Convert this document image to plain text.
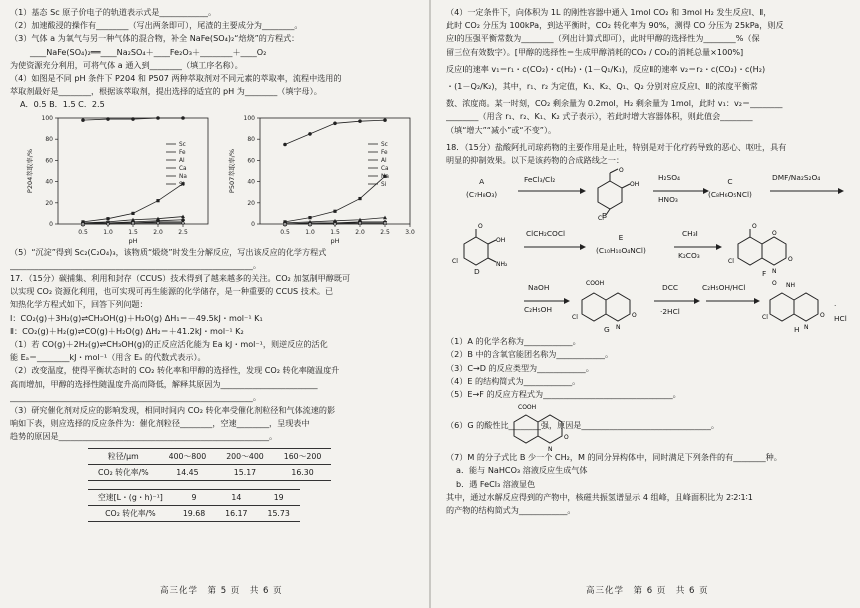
（1）基态 Sc 原子价电子的轨道表示式是____________。
（2）加速酸浸的操作有________（写出两条即可），尾渣的主要成分为________。
（3）气体 a 为氧气与另一种气体的混合物，补全 NaFe(SO₄)₂“焙烧”的方程式：
____NaFe(SO₄)₂══____Na₂SO₄＋____Fe₂O₃＋________＋____O₂
为使资源充分利用，可将气体 a 通入到________（填工序名称）。
（4）如图是不同 pH 条件下 P204 和 P507 两种萃取剂对不同元素的萃取率，流程中选用的
萃取剂最好是________，根据该萃取剂，提出选择的适宜的 pH 为________（填字母）。
A．0.5 B．1.5 C．2.5
0
20
40
60
80
100
0.5	1.0	1.5	2.0	2.5
pH
P204萃取率/%
Sc
Fe
Al
Ca
Na
Si
0
20
40
60
80
100
0.5	1.0	1.5	2.0	2.5	3.0
pH
P507萃取率/%
Sc
Fe
Al
Ca
Na
Si
（5）“沉淀”得到 Sc₂(C₂O₄)₃，该物质“煅烧”时发生分解反应，写出该反应的化学方程式
____________________________________________________________。
17．（15分）碳捕集、利用和封存（CCUS）技术得到了越来越多的关注。CO₂ 加氢制甲醇既可
以实现 CO₂ 资源化利用，也可实现可再生能源的化学储存，是一种重要的 CCUS 技术。已
知热化学方程式如下，回答下列问题：
Ⅰ：CO₂(g)＋3H₂(g)⇌CH₃OH(g)＋H₂O(g) ΔH₁＝－49.5kJ・mol⁻¹ K₁
Ⅱ：CO₂(g)＋H₂(g)⇌CO(g)＋H₂O(g) ΔH₂＝＋41.2kJ・mol⁻¹ K₂
（1）若 CO(g)＋2H₂(g)⇌CH₃OH(g)的正反应活化能为 Ea kJ・mol⁻¹，则逆反应的活化
能 Eₐ＝________kJ・mol⁻¹（用含 Eₐ 的代数式表示）。
（2）改变温度，使得平衡状态时的 CO₂ 转化率和甲醇的选择性，发现 CO₂ 转化率随温度升
高而增加，甲醇的选择性随温度升高而降低，解释其原因为________________________
____________________________________________________________。
（3）研究催化剂对反应的影响发现，相同时间内 CO₂ 转化率受催化剂粒径和气体流速的影
响如下表，则应选择的反应条件为：催化剂粒径________，空速________，呈现表中
趋势的原因是____________________________________________________。
粒径/μm	400～800	200～400	160～200
CO₂ 转化率/%	14.45	15.17	16.30
空速[L・(g・h)⁻¹]	9	14	19
CO₂ 转化率/%	19.68	16.17	15.73
高三化学　第 5 页　共 6 页
（4）一定条件下，向体积为 1L 的刚性容器中通入 1mol CO₂ 和 3mol H₂ 发生反应Ⅰ、Ⅱ，
此时 CO₂ 分压为 100kPa，到达平衡时，CO₂ 转化率为 90%，测得 CO 分压为 25kPa，则反
应Ⅰ的压强平衡常数为________（列出计算式即可），此时甲醇的选择性为________%（保
留三位有效数字）。[甲醇的选择性＝生成甲醇消耗的CO₂ / CO₂的消耗总量×100%]
反应Ⅰ的速率 v₁＝r₁・c(CO₂)・c(H₂)・(1－Q₁/K₁)，反应Ⅱ的速率 v₂＝r₂・c(CO₂)・c(H₂)
・(1－Q₂/K₂)，其中，r₁、r₂ 为定值，K₁、K₂、Q₁、Q₂ 分别对应反应Ⅰ、Ⅱ的浓度平衡常
数、浓度商。某一时刻，CO₂ 剩余量为 0.2mol，H₂ 剩余量为 1mol，此时 v₁：v₂＝________
________（用含 r₁、r₂、K₁、K₂ 式子表示），若此时增大容器体积，则此值会________
（填“增大”“减小”或“不变”）。
18．（15分）盐酸阿扎司琼药物的主要作用是止吐，特别是对于化疗药导致的恶心、呕吐，具有
明显的抑制效果。以下是该药物的合成路线之一：
A
(C₇H₈O₃)
FeCl₃/Cl₂
O
OH
Cl
B
H₂SO₄
HNO₃
C
(C₈H₆O₅NCl)
DMF/Na₂S₂O₄
O
OH
NH₂
Cl
D
ClCH₂COCl	E
(C₁₀H₁₀O₄NCl)
CH₃I
K₂CO₃
O
O
N
Cl
O
F
NaOH
C₂H₅OH
COOH
O
N
Cl
G
DCC
·2HCl
C₂H₅OH/HCl	O NH
O
N
Cl
· HCl
H
（1）A 的化学名称为____________。
（2）B 中的含氧官能团名称为____________。
（3）C→D 的反应类型为____________。
（4）E 的结构简式为____________。
（5）E→F 的反应方程式为________________________________。
COOH
O
N
（6）G 的酸性比________强，原因是________________________________。
（7）M 的分子式比 B 少一个 CH₂，M 的同分异构体中，同时满足下列条件的有________种。
a．能与 NaHCO₃ 溶液反应生成气体
b．遇 FeCl₃ 溶液显色
其中，通过水解反应得到的产物中，核磁共振氢谱显示 4 组峰，且峰面积比为 2∶2∶1∶1
的产物的结构简式为____________。
高三化学　第 6 页　共 6 页
